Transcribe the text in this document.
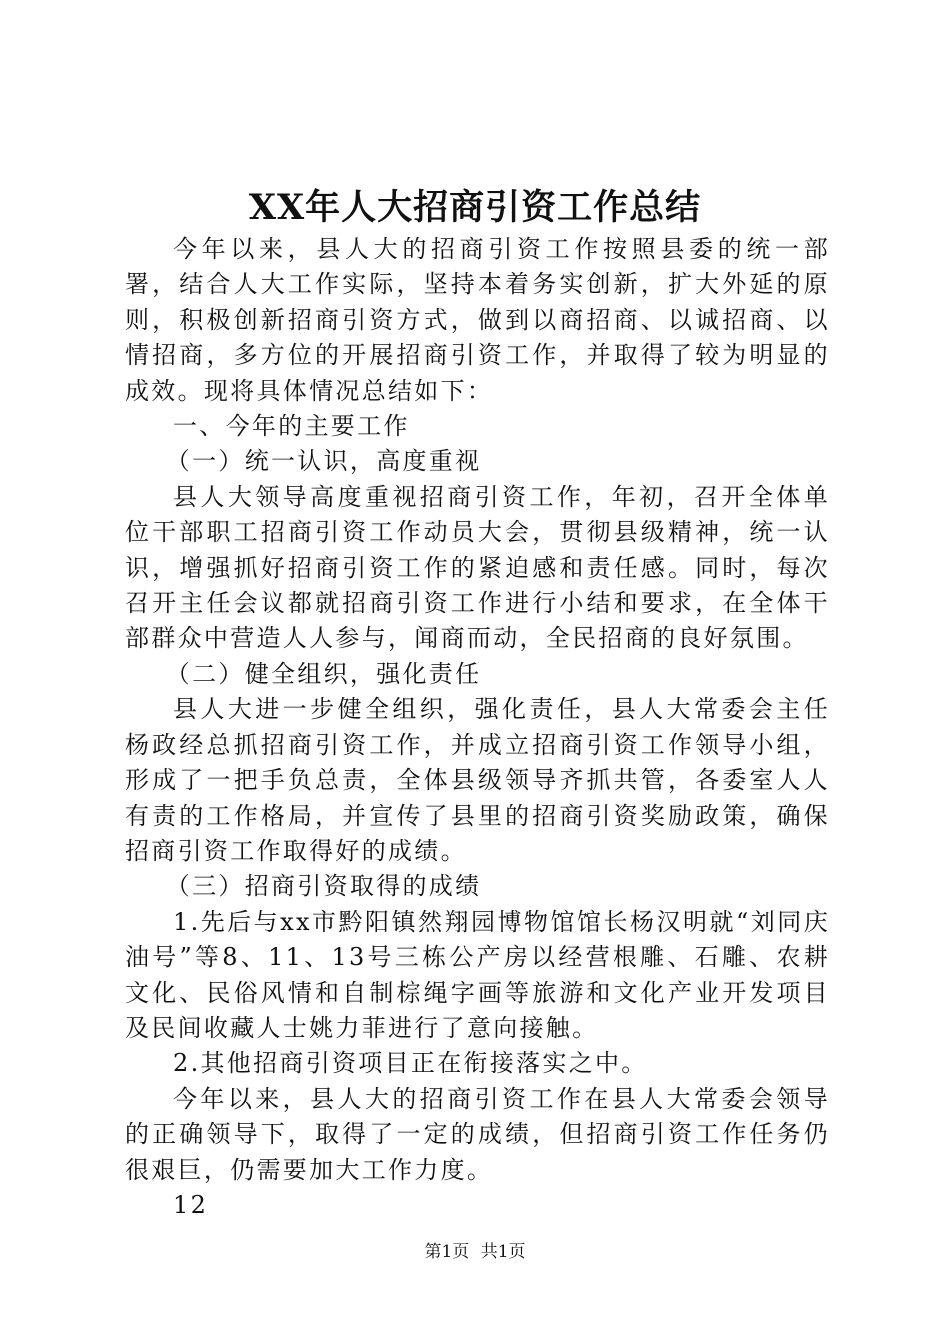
XX年人大招商引资工作总结

今年以来，县人大的招商引资工作按照县委的统一部署，结合人大工作实际，坚持本着务实创新，扩大外延的原则，积极创新招商引资方式，做到以商招商、以诚招商、以情招商，多方位的开展招商引资工作，并取得了较为明显的成效。现将具体情况总结如下：

一、今年的主要工作

（一）统一认识，高度重视

县人大领导高度重视招商引资工作，年初，召开全体单位干部职工招商引资工作动员大会，贯彻县级精神，统一认识，增强抓好招商引资工作的紧迫感和责任感。同时，每次召开主任会议都就招商引资工作进行小结和要求，在全体干部群众中营造人人参与，闻商而动，全民招商的良好氛围。

（二）健全组织，强化责任

县人大进一步健全组织，强化责任，县人大常委会主任杨政经总抓招商引资工作，并成立招商引资工作领导小组，形成了一把手负总责，全体县级领导齐抓共管，各委室人人有责的工作格局，并宣传了县里的招商引资奖励政策，确保招商引资工作取得好的成绩。

（三）招商引资取得的成绩

1.先后与xx市黔阳镇然翔园博物馆馆长杨汉明就“刘同庆油号”等8、11、13号三栋公产房以经营根雕、石雕、农耕文化、民俗风情和自制棕绳字画等旅游和文化产业开发项目及民间收藏人士姚力菲进行了意向接触。

2.其他招商引资项目正在衔接落实之中。

今年以来，县人大的招商引资工作在县人大常委会领导的正确领导下，取得了一定的成绩，但招商引资工作任务仍很艰巨，仍需要加大工作力度。

12

第1页 共1页
